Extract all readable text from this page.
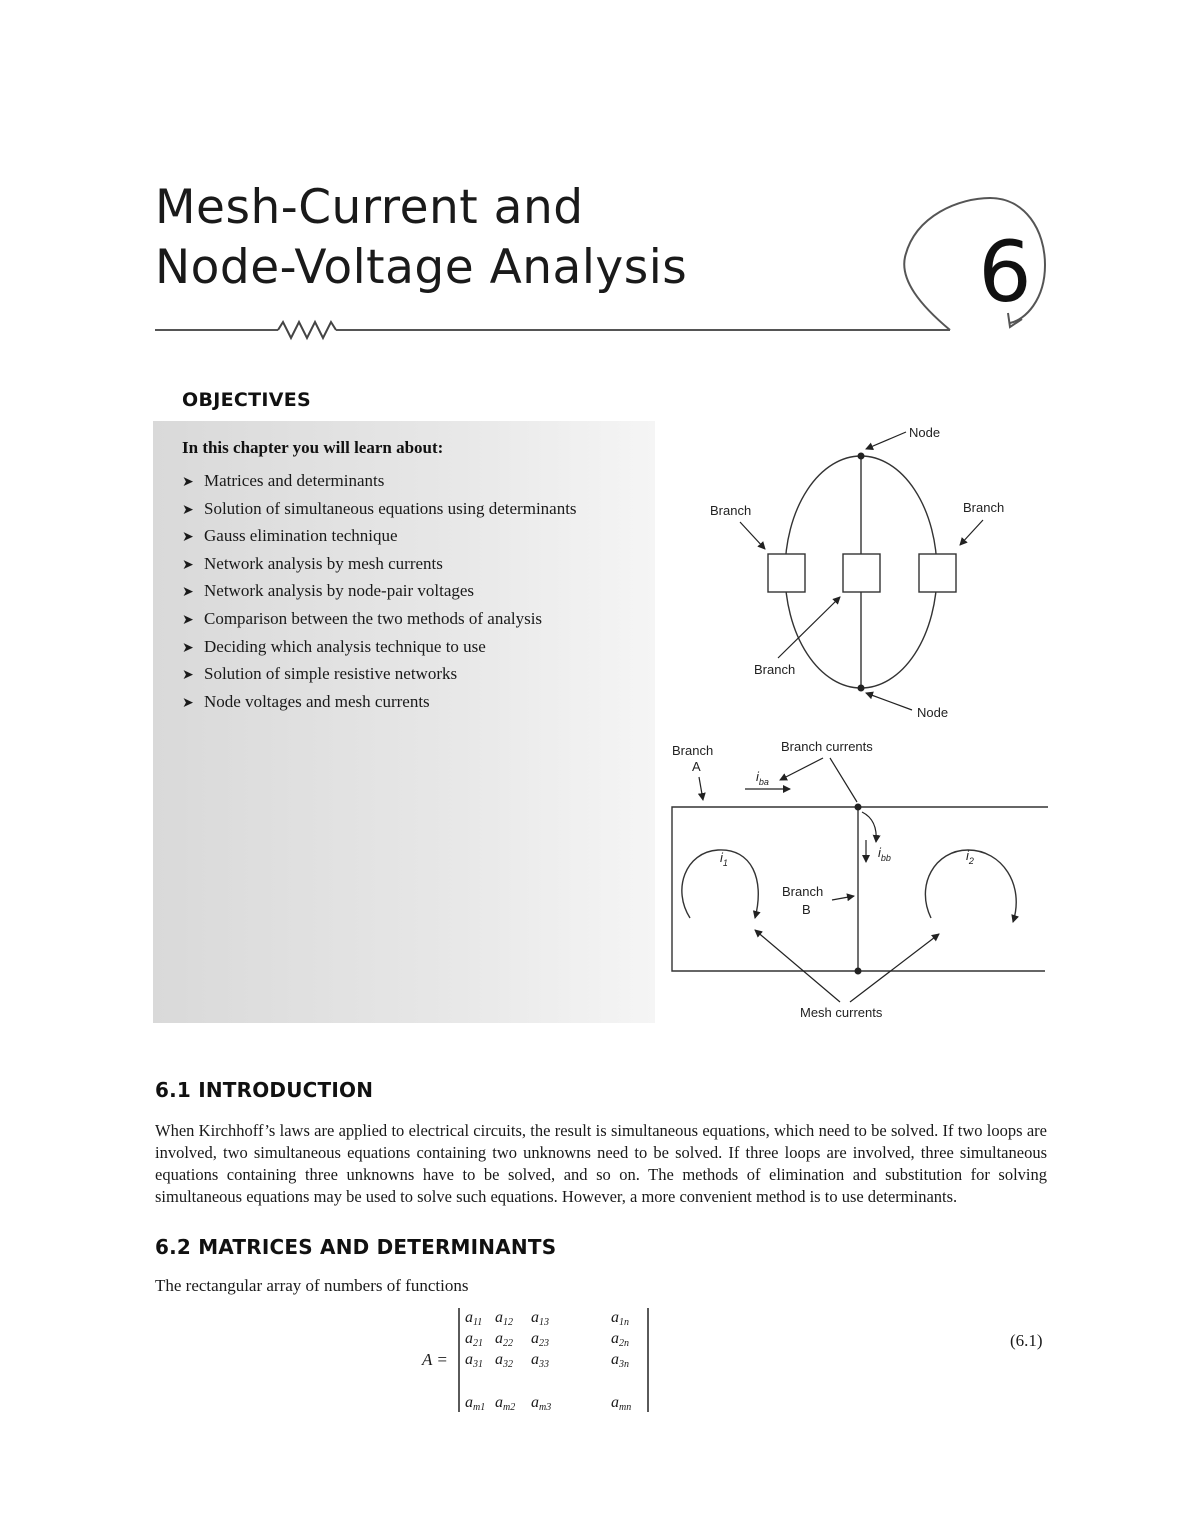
Mesh-Current and
Node-Voltage Analysis	6
OBJECTIVES
In this chapter you will learn about:
➤ Matrices and determinants
➤ Solution of simultaneous equations using determinants
➤ Gauss elimination technique
➤ Network analysis by mesh currents
➤ Network analysis by node-pair voltages
➤ Comparison between the two methods of analysis
➤ Deciding which analysis technique to use
➤ Solution of simple resistive networks
➤ Node voltages and mesh currents
Node
Node
Branch	Branch
Branch
Branch
A
Branch currents
$i_{ba}$
$i_{bb}$
$i_1$	$i_2$
Branch
B
Mesh currents
6.1 INTRODUCTION
When Kirchhoff’s laws are applied to electrical circuits, the result is simultaneous equations, which need to be solved. If two loops are involved, two simultaneous equations containing two unknowns need to be solved. If three loops are involved, three simultaneous equations containing three unknowns have to be solved, and so on. The methods of elimination and substitution for solving simultaneous equations may be used to solve such equations. However, a more convenient method is to use determinants.
6.2 MATRICES AND DETERMINANTS
The rectangular array of numbers of functions
A =
a11 a12 a13	a1n
a21 a22 a23	a2n
a31 a32 a33	a3n
am1 am2 am3	amn
(6.1)
